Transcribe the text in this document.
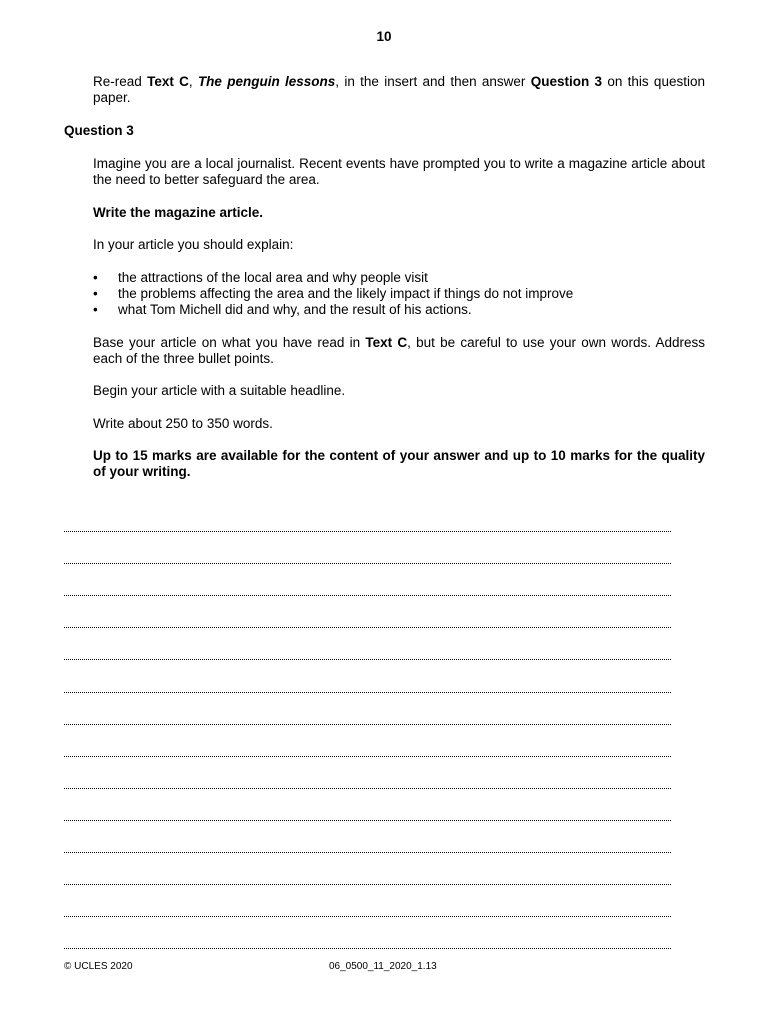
10

Re-read Text C, The penguin lessons, in the insert and then answer Question 3 on this question paper.

Question 3

Imagine you are a local journalist. Recent events have prompted you to write a magazine article about the need to better safeguard the area.

Write the magazine article.

In your article you should explain:

• the attractions of the local area and why people visit
• the problems affecting the area and the likely impact if things do not improve
• what Tom Michell did and why, and the result of his actions.

Base your article on what you have read in Text C, but be careful to use your own words. Address each of the three bullet points.

Begin your article with a suitable headline.

Write about 250 to 350 words.

Up to 15 marks are available for the content of your answer and up to 10 marks for the quality of your writing.

© UCLES 2020	06_0500_11_2020_1.13
